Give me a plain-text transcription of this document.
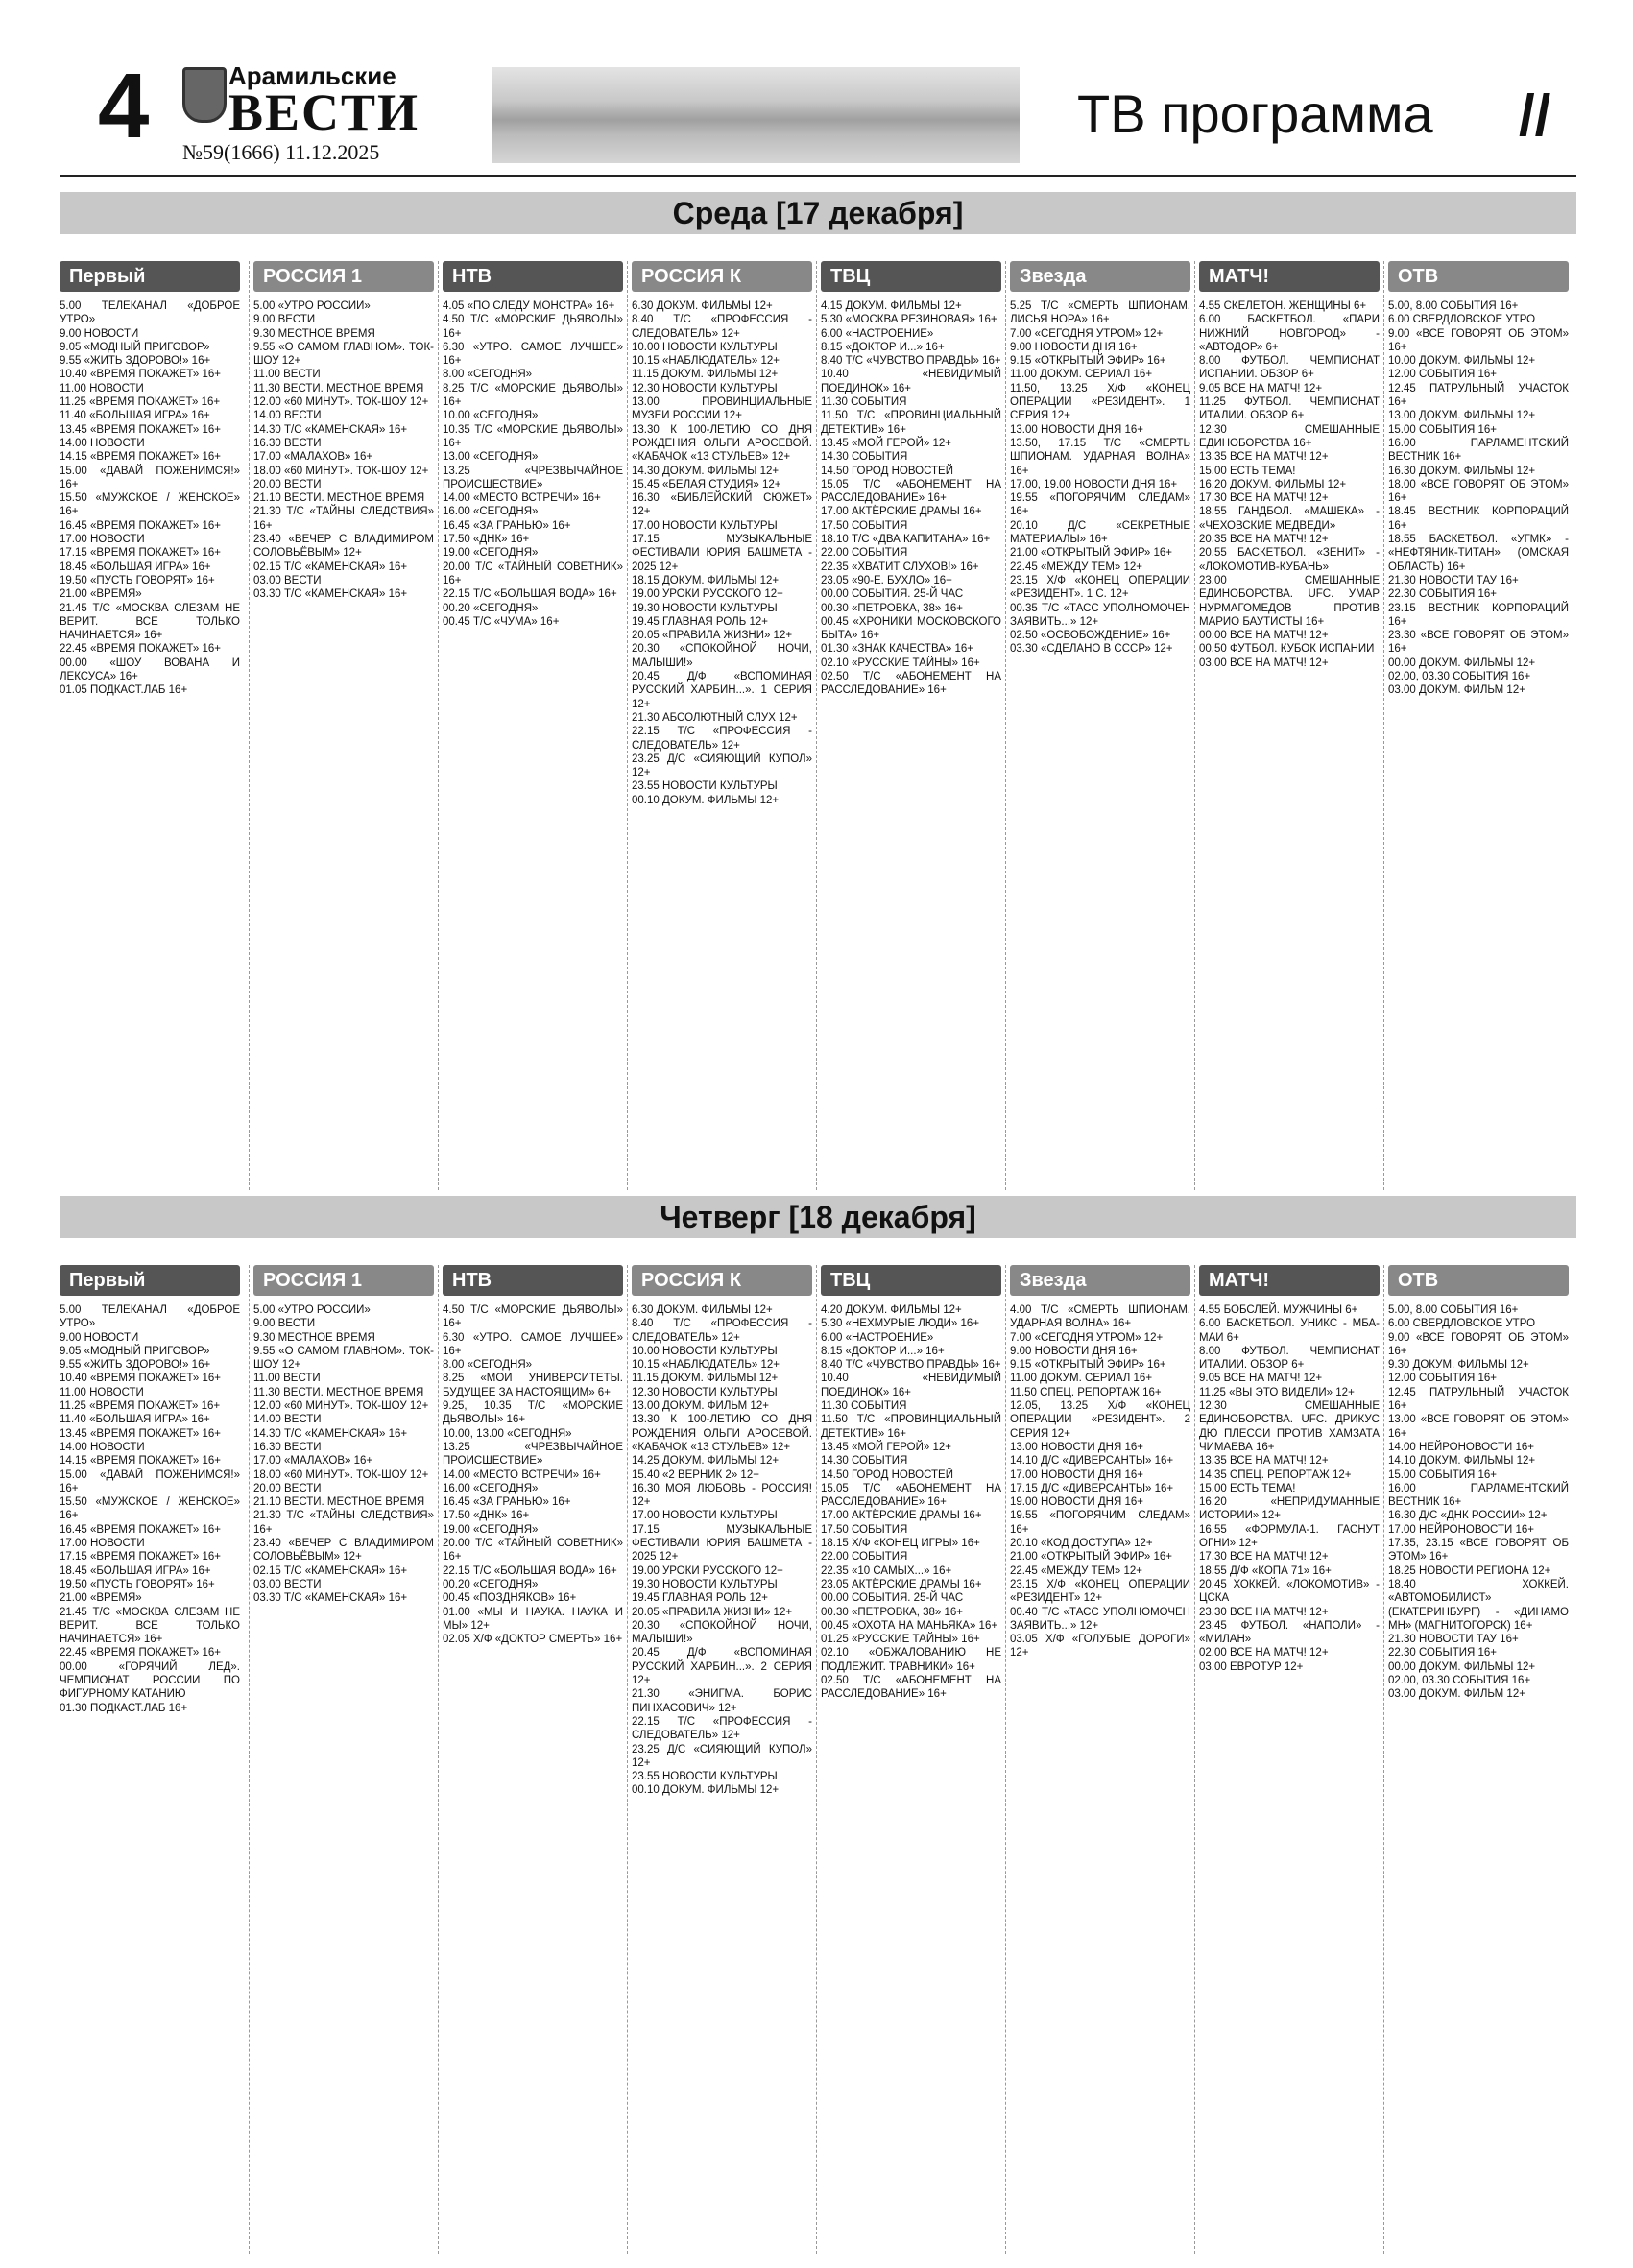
4	Арамильские
ВЕСТИ
№59(1666) 11.12.2025
ТВ программа //
Среда [17 декабря]
Первый
5.00 ТЕЛЕКАНАЛ «ДОБРОЕ УТРО»
9.00 НОВОСТИ
9.05 «МОДНЫЙ ПРИГОВОР»
9.55 «ЖИТЬ ЗДОРОВО!» 16+
10.40 «ВРЕМЯ ПОКАЖЕТ» 16+
11.00 НОВОСТИ
11.25 «ВРЕМЯ ПОКАЖЕТ» 16+
11.40 «БОЛЬШАЯ ИГРА» 16+
13.45 «ВРЕМЯ ПОКАЖЕТ» 16+
14.00 НОВОСТИ
14.15 «ВРЕМЯ ПОКАЖЕТ» 16+
15.00 «ДАВАЙ ПОЖЕНИМСЯ!» 16+
15.50 «МУЖСКОЕ / ЖЕНСКОЕ» 16+
16.45 «ВРЕМЯ ПОКАЖЕТ» 16+
17.00 НОВОСТИ
17.15 «ВРЕМЯ ПОКАЖЕТ» 16+
18.45 «БОЛЬШАЯ ИГРА» 16+
19.50 «ПУСТЬ ГОВОРЯТ» 16+
21.00 «ВРЕМЯ»
21.45 Т/С «МОСКВА СЛЕЗАМ НЕ ВЕРИТ. ВСЕ ТОЛЬКО НАЧИНАЕТСЯ» 16+
22.45 «ВРЕМЯ ПОКАЖЕТ» 16+
00.00 «ШОУ ВОВАНА И ЛЕКСУСА» 16+
01.05 ПОДКАСТ.ЛАБ 16+
РОССИЯ 1
5.00 «УТРО РОССИИ»
9.00 ВЕСТИ
9.30 МЕСТНОЕ ВРЕМЯ
9.55 «О САМОМ ГЛАВНОМ». ТОК-ШОУ 12+
11.00 ВЕСТИ
11.30 ВЕСТИ. МЕСТНОЕ ВРЕМЯ
12.00 «60 МИНУТ». ТОК-ШОУ 12+
14.00 ВЕСТИ
14.30 Т/С «КАМЕНСКАЯ» 16+
16.30 ВЕСТИ
17.00 «МАЛАХОВ» 16+
18.00 «60 МИНУТ». ТОК-ШОУ 12+
20.00 ВЕСТИ
21.10 ВЕСТИ. МЕСТНОЕ ВРЕМЯ
21.30 Т/С «ТАЙНЫ СЛЕДСТВИЯ» 16+
23.40 «ВЕЧЕР С ВЛАДИМИРОМ СОЛОВЬЁВЫМ» 12+
02.15 Т/С «КАМЕНСКАЯ» 16+
03.00 ВЕСТИ
03.30 Т/С «КАМЕНСКАЯ» 16+
НТВ
4.05 «ПО СЛЕДУ МОНСТРА» 16+
4.50 Т/С «МОРСКИЕ ДЬЯВОЛЫ» 16+
6.30 «УТРО. САМОЕ ЛУЧШЕЕ» 16+
8.00 «СЕГОДНЯ»
8.25 Т/С «МОРСКИЕ ДЬЯВОЛЫ» 16+
10.00 «СЕГОДНЯ»
10.35 Т/С «МОРСКИЕ ДЬЯВОЛЫ» 16+
13.00 «СЕГОДНЯ»
13.25 «ЧРЕЗВЫЧАЙНОЕ ПРОИСШЕСТВИЕ»
14.00 «МЕСТО ВСТРЕЧИ» 16+
16.00 «СЕГОДНЯ»
16.45 «ЗА ГРАНЬЮ» 16+
17.50 «ДНК» 16+
19.00 «СЕГОДНЯ»
20.00 Т/С «ТАЙНЫЙ СОВЕТНИК» 16+
22.15 Т/С «БОЛЬШАЯ ВОДА» 16+
00.20 «СЕГОДНЯ»
00.45 Т/С «ЧУМА» 16+
РОССИЯ К
6.30 ДОКУМ. ФИЛЬМЫ 12+
8.40 Т/С «ПРОФЕССИЯ - СЛЕДОВАТЕЛЬ» 12+
10.00 НОВОСТИ КУЛЬТУРЫ
10.15 «НАБЛЮДАТЕЛЬ» 12+
11.15 ДОКУМ. ФИЛЬМЫ 12+
12.30 НОВОСТИ КУЛЬТУРЫ
13.00 ПРОВИНЦИАЛЬНЫЕ МУЗЕИ РОССИИ 12+
13.30 К 100-ЛЕТИЮ СО ДНЯ РОЖДЕНИЯ ОЛЬГИ АРОСЕВОЙ. «КАБАЧОК «13 СТУЛЬЕВ» 12+
14.30 ДОКУМ. ФИЛЬМЫ 12+
15.45 «БЕЛАЯ СТУДИЯ» 12+
16.30 «БИБЛЕЙСКИЙ СЮЖЕТ» 12+
17.00 НОВОСТИ КУЛЬТУРЫ
17.15 МУЗЫКАЛЬНЫЕ ФЕСТИВАЛИ ЮРИЯ БАШМЕТА - 2025 12+
18.15 ДОКУМ. ФИЛЬМЫ 12+
19.00 УРОКИ РУССКОГО 12+
19.30 НОВОСТИ КУЛЬТУРЫ
19.45 ГЛАВНАЯ РОЛЬ 12+
20.05 «ПРАВИЛА ЖИЗНИ» 12+
20.30 «СПОКОЙНОЙ НОЧИ, МАЛЫШИ!»
20.45 Д/Ф «ВСПОМИНАЯ РУССКИЙ ХАРБИН...». 1 СЕРИЯ 12+
21.30 АБСОЛЮТНЫЙ СЛУХ 12+
22.15 Т/С «ПРОФЕССИЯ - СЛЕДОВАТЕЛЬ» 12+
23.25 Д/С «СИЯЮЩИЙ КУПОЛ» 12+
23.55 НОВОСТИ КУЛЬТУРЫ
00.10 ДОКУМ. ФИЛЬМЫ 12+
ТВЦ
4.15 ДОКУМ. ФИЛЬМЫ 12+
5.30 «МОСКВА РЕЗИНОВАЯ» 16+
6.00 «НАСТРОЕНИЕ»
8.15 «ДОКТОР И...» 16+
8.40 Т/С «ЧУВСТВО ПРАВДЫ» 16+
10.40 «НЕВИДИМЫЙ ПОЕДИНОК» 16+
11.30 СОБЫТИЯ
11.50 Т/С «ПРОВИНЦИАЛЬНЫЙ ДЕТЕКТИВ» 16+
13.45 «МОЙ ГЕРОЙ» 12+
14.30 СОБЫТИЯ
14.50 ГОРОД НОВОСТЕЙ
15.05 Т/С «АБОНЕМЕНТ НА РАССЛЕДОВАНИЕ» 16+
17.00 АКТЁРСКИЕ ДРАМЫ 16+
17.50 СОБЫТИЯ
18.10 Т/С «ДВА КАПИТАНА» 16+
22.00 СОБЫТИЯ
22.35 «ХВАТИТ СЛУХОВ!» 16+
23.05 «90-Е. БУХЛО» 16+
00.00 СОБЫТИЯ. 25-Й ЧАС
00.30 «ПЕТРОВКА, 38» 16+
00.45 «ХРОНИКИ МОСКОВСКОГО БЫТА» 16+
01.30 «ЗНАК КАЧЕСТВА» 16+
02.10 «РУССКИЕ ТАЙНЫ» 16+
02.50 Т/С «АБОНЕМЕНТ НА РАССЛЕДОВАНИЕ» 16+
Звезда
5.25 Т/С «СМЕРТЬ ШПИОНАМ. ЛИСЬЯ НОРА» 16+
7.00 «СЕГОДНЯ УТРОМ» 12+
9.00 НОВОСТИ ДНЯ 16+
9.15 «ОТКРЫТЫЙ ЭФИР» 16+
11.00 ДОКУМ. СЕРИАЛ 16+
11.50, 13.25 Х/Ф «КОНЕЦ ОПЕРАЦИИ «РЕЗИДЕНТ». 1 СЕРИЯ 12+
13.00 НОВОСТИ ДНЯ 16+
13.50, 17.15 Т/С «СМЕРТЬ ШПИОНАМ. УДАРНАЯ ВОЛНА» 16+
17.00, 19.00 НОВОСТИ ДНЯ 16+
19.55 «ПОГОРЯЧИМ СЛЕДАМ» 16+
20.10 Д/С «СЕКРЕТНЫЕ МАТЕРИАЛЫ» 16+
21.00 «ОТКРЫТЫЙ ЭФИР» 16+
22.45 «МЕЖДУ ТЕМ» 12+
23.15 Х/Ф «КОНЕЦ ОПЕРАЦИИ «РЕЗИДЕНТ». 1 С. 12+
00.35 Т/С «ТАСС УПОЛНОМОЧЕН ЗАЯВИТЬ...» 12+
02.50 «ОСВОБОЖДЕНИЕ» 16+
03.30 «СДЕЛАНО В СССР» 12+
МАТЧ!
4.55 СКЕЛЕТОН. ЖЕНЩИНЫ 6+
6.00 БАСКЕТБОЛ. «ПАРИ НИЖНИЙ НОВГОРОД» - «АВТОДОР» 6+
8.00 ФУТБОЛ. ЧЕМПИОНАТ ИСПАНИИ. ОБЗОР 6+
9.05 ВСЕ НА МАТЧ! 12+
11.25 ФУТБОЛ. ЧЕМПИОНАТ ИТАЛИИ. ОБЗОР 6+
12.30 СМЕШАННЫЕ ЕДИНОБОРСТВА 16+
13.35 ВСЕ НА МАТЧ! 12+
15.00 ЕСТЬ ТЕМА!
16.20 ДОКУМ. ФИЛЬМЫ 12+
17.30 ВСЕ НА МАТЧ! 12+
18.55 ГАНДБОЛ. «МАШЕКА» - «ЧЕХОВСКИЕ МЕДВЕДИ»
20.35 ВСЕ НА МАТЧ! 12+
20.55 БАСКЕТБОЛ. «ЗЕНИТ» - «ЛОКОМОТИВ-КУБАНЬ»
23.00 СМЕШАННЫЕ ЕДИНОБОРСТВА. UFC. УМАР НУРМАГОМЕДОВ ПРОТИВ МАРИО БАУТИСТЫ 16+
00.00 ВСЕ НА МАТЧ! 12+
00.50 ФУТБОЛ. КУБОК ИСПАНИИ
03.00 ВСЕ НА МАТЧ! 12+
ОТВ
5.00, 8.00 СОБЫТИЯ 16+
6.00 СВЕРДЛОВСКОЕ УТРО
9.00 «ВСЕ ГОВОРЯТ ОБ ЭТОМ» 16+
10.00 ДОКУМ. ФИЛЬМЫ 12+
12.00 СОБЫТИЯ 16+
12.45 ПАТРУЛЬНЫЙ УЧАСТОК 16+
13.00 ДОКУМ. ФИЛЬМЫ 12+
15.00 СОБЫТИЯ 16+
16.00 ПАРЛАМЕНТСКИЙ ВЕСТНИК 16+
16.30 ДОКУМ. ФИЛЬМЫ 12+
18.00 «ВСЕ ГОВОРЯТ ОБ ЭТОМ» 16+
18.45 ВЕСТНИК КОРПОРАЦИЙ 16+
18.55 БАСКЕТБОЛ. «УГМК» - «НЕФТЯНИК-ТИТАН» (ОМСКАЯ ОБЛАСТЬ) 16+
21.30 НОВОСТИ ТАУ 16+
22.30 СОБЫТИЯ 16+
23.15 ВЕСТНИК КОРПОРАЦИЙ 16+
23.30 «ВСЕ ГОВОРЯТ ОБ ЭТОМ» 16+
00.00 ДОКУМ. ФИЛЬМЫ 12+
02.00, 03.30 СОБЫТИЯ 16+
03.00 ДОКУМ. ФИЛЬМ 12+
Четверг [18 декабря]
Первый
5.00 ТЕЛЕКАНАЛ «ДОБРОЕ УТРО»
9.00 НОВОСТИ
9.05 «МОДНЫЙ ПРИГОВОР»
9.55 «ЖИТЬ ЗДОРОВО!» 16+
10.40 «ВРЕМЯ ПОКАЖЕТ» 16+
11.00 НОВОСТИ
11.25 «ВРЕМЯ ПОКАЖЕТ» 16+
11.40 «БОЛЬШАЯ ИГРА» 16+
13.45 «ВРЕМЯ ПОКАЖЕТ» 16+
14.00 НОВОСТИ
14.15 «ВРЕМЯ ПОКАЖЕТ» 16+
15.00 «ДАВАЙ ПОЖЕНИМСЯ!» 16+
15.50 «МУЖСКОЕ / ЖЕНСКОЕ» 16+
16.45 «ВРЕМЯ ПОКАЖЕТ» 16+
17.00 НОВОСТИ
17.15 «ВРЕМЯ ПОКАЖЕТ» 16+
18.45 «БОЛЬШАЯ ИГРА» 16+
19.50 «ПУСТЬ ГОВОРЯТ» 16+
21.00 «ВРЕМЯ»
21.45 Т/С «МОСКВА СЛЕЗАМ НЕ ВЕРИТ. ВСЕ ТОЛЬКО НАЧИНАЕТСЯ» 16+
22.45 «ВРЕМЯ ПОКАЖЕТ» 16+
00.00 «ГОРЯЧИЙ ЛЕД». ЧЕМПИОНАТ РОССИИ ПО ФИГУРНОМУ КАТАНИЮ
01.30 ПОДКАСТ.ЛАБ 16+
РОССИЯ 1
5.00 «УТРО РОССИИ»
9.00 ВЕСТИ
9.30 МЕСТНОЕ ВРЕМЯ
9.55 «О САМОМ ГЛАВНОМ». ТОК-ШОУ 12+
11.00 ВЕСТИ
11.30 ВЕСТИ. МЕСТНОЕ ВРЕМЯ
12.00 «60 МИНУТ». ТОК-ШОУ 12+
14.00 ВЕСТИ
14.30 Т/С «КАМЕНСКАЯ» 16+
16.30 ВЕСТИ
17.00 «МАЛАХОВ» 16+
18.00 «60 МИНУТ». ТОК-ШОУ 12+
20.00 ВЕСТИ
21.10 ВЕСТИ. МЕСТНОЕ ВРЕМЯ
21.30 Т/С «ТАЙНЫ СЛЕДСТВИЯ» 16+
23.40 «ВЕЧЕР С ВЛАДИМИРОМ СОЛОВЬЁВЫМ» 12+
02.15 Т/С «КАМЕНСКАЯ» 16+
03.00 ВЕСТИ
03.30 Т/С «КАМЕНСКАЯ» 16+
НТВ
4.50 Т/С «МОРСКИЕ ДЬЯВОЛЫ» 16+
6.30 «УТРО. САМОЕ ЛУЧШЕЕ» 16+
8.00 «СЕГОДНЯ»
8.25 «МОИ УНИВЕРСИТЕТЫ. БУДУЩЕЕ ЗА НАСТОЯЩИМ» 6+
9.25, 10.35 Т/С «МОРСКИЕ ДЬЯВОЛЫ» 16+
10.00, 13.00 «СЕГОДНЯ»
13.25 «ЧРЕЗВЫЧАЙНОЕ ПРОИСШЕСТВИЕ»
14.00 «МЕСТО ВСТРЕЧИ» 16+
16.00 «СЕГОДНЯ»
16.45 «ЗА ГРАНЬЮ» 16+
17.50 «ДНК» 16+
19.00 «СЕГОДНЯ»
20.00 Т/С «ТАЙНЫЙ СОВЕТНИК» 16+
22.15 Т/С «БОЛЬШАЯ ВОДА» 16+
00.20 «СЕГОДНЯ»
00.45 «ПОЗДНЯКОВ» 16+
01.00 «МЫ И НАУКА. НАУКА И МЫ» 12+
02.05 Х/Ф «ДОКТОР СМЕРТЬ» 16+
РОССИЯ К
6.30 ДОКУМ. ФИЛЬМЫ 12+
8.40 Т/С «ПРОФЕССИЯ - СЛЕДОВАТЕЛЬ» 12+
10.00 НОВОСТИ КУЛЬТУРЫ
10.15 «НАБЛЮДАТЕЛЬ» 12+
11.15 ДОКУМ. ФИЛЬМЫ 12+
12.30 НОВОСТИ КУЛЬТУРЫ
13.00 ДОКУМ. ФИЛЬМ 12+
13.30 К 100-ЛЕТИЮ СО ДНЯ РОЖДЕНИЯ ОЛЬГИ АРОСЕВОЙ. «КАБАЧОК «13 СТУЛЬЕВ» 12+
14.25 ДОКУМ. ФИЛЬМЫ 12+
15.40 «2 ВЕРНИК 2» 12+
16.30 МОЯ ЛЮБОВЬ - РОССИЯ! 12+
17.00 НОВОСТИ КУЛЬТУРЫ
17.15 МУЗЫКАЛЬНЫЕ ФЕСТИВАЛИ ЮРИЯ БАШМЕТА - 2025 12+
19.00 УРОКИ РУССКОГО 12+
19.30 НОВОСТИ КУЛЬТУРЫ
19.45 ГЛАВНАЯ РОЛЬ 12+
20.05 «ПРАВИЛА ЖИЗНИ» 12+
20.30 «СПОКОЙНОЙ НОЧИ, МАЛЫШИ!»
20.45 Д/Ф «ВСПОМИНАЯ РУССКИЙ ХАРБИН...». 2 СЕРИЯ 12+
21.30 «ЭНИГМА. БОРИС ПИНХАСОВИЧ» 12+
22.15 Т/С «ПРОФЕССИЯ - СЛЕДОВАТЕЛЬ» 12+
23.25 Д/С «СИЯЮЩИЙ КУПОЛ» 12+
23.55 НОВОСТИ КУЛЬТУРЫ
00.10 ДОКУМ. ФИЛЬМЫ 12+
ТВЦ
4.20 ДОКУМ. ФИЛЬМЫ 12+
5.30 «НЕХМУРЫЕ ЛЮДИ» 16+
6.00 «НАСТРОЕНИЕ»
8.15 «ДОКТОР И...» 16+
8.40 Т/С «ЧУВСТВО ПРАВДЫ» 16+
10.40 «НЕВИДИМЫЙ ПОЕДИНОК» 16+
11.30 СОБЫТИЯ
11.50 Т/С «ПРОВИНЦИАЛЬНЫЙ ДЕТЕКТИВ» 16+
13.45 «МОЙ ГЕРОЙ» 12+
14.30 СОБЫТИЯ
14.50 ГОРОД НОВОСТЕЙ
15.05 Т/С «АБОНЕМЕНТ НА РАССЛЕДОВАНИЕ» 16+
17.00 АКТЁРСКИЕ ДРАМЫ 16+
17.50 СОБЫТИЯ
18.15 Х/Ф «КОНЕЦ ИГРЫ» 16+
22.00 СОБЫТИЯ
22.35 «10 САМЫХ...» 16+
23.05 АКТЁРСКИЕ ДРАМЫ 16+
00.00 СОБЫТИЯ. 25-Й ЧАС
00.30 «ПЕТРОВКА, 38» 16+
00.45 «ОХОТА НА МАНЬЯКА» 16+
01.25 «РУССКИЕ ТАЙНЫ» 16+
02.10 «ОБЖАЛОВАНИЮ НЕ ПОДЛЕЖИТ. ТРАВНИКИ» 16+
02.50 Т/С «АБОНЕМЕНТ НА РАССЛЕДОВАНИЕ» 16+
Звезда
4.00 Т/С «СМЕРТЬ ШПИОНАМ. УДАРНАЯ ВОЛНА» 16+
7.00 «СЕГОДНЯ УТРОМ» 12+
9.00 НОВОСТИ ДНЯ 16+
9.15 «ОТКРЫТЫЙ ЭФИР» 16+
11.00 ДОКУМ. СЕРИАЛ 16+
11.50 СПЕЦ. РЕПОРТАЖ 16+
12.05, 13.25 Х/Ф «КОНЕЦ ОПЕРАЦИИ «РЕЗИДЕНТ». 2 СЕРИЯ 12+
13.00 НОВОСТИ ДНЯ 16+
14.10 Д/С «ДИВЕРСАНТЫ» 16+
17.00 НОВОСТИ ДНЯ 16+
17.15 Д/С «ДИВЕРСАНТЫ» 16+
19.00 НОВОСТИ ДНЯ 16+
19.55 «ПОГОРЯЧИМ СЛЕДАМ» 16+
20.10 «КОД ДОСТУПА» 12+
21.00 «ОТКРЫТЫЙ ЭФИР» 16+
22.45 «МЕЖДУ ТЕМ» 12+
23.15 Х/Ф «КОНЕЦ ОПЕРАЦИИ «РЕЗИДЕНТ» 12+
00.40 Т/С «ТАСС УПОЛНОМОЧЕН ЗАЯВИТЬ...» 12+
03.05 Х/Ф «ГОЛУБЫЕ ДОРОГИ» 12+
МАТЧ!
4.55 БОБСЛЕЙ. МУЖЧИНЫ 6+
6.00 БАСКЕТБОЛ. УНИКС - МБА-МАИ 6+
8.00 ФУТБОЛ. ЧЕМПИОНАТ ИТАЛИИ. ОБЗОР 6+
9.05 ВСЕ НА МАТЧ! 12+
11.25 «ВЫ ЭТО ВИДЕЛИ» 12+
12.30 СМЕШАННЫЕ ЕДИНОБОРСТВА. UFC. ДРИКУС ДЮ ПЛЕССИ ПРОТИВ ХАМЗАТА ЧИМАЕВА 16+
13.35 ВСЕ НА МАТЧ! 12+
14.35 СПЕЦ. РЕПОРТАЖ 12+
15.00 ЕСТЬ ТЕМА!
16.20 «НЕПРИДУМАННЫЕ ИСТОРИИ» 12+
16.55 «ФОРМУЛА-1. ГАСНУТ ОГНИ» 12+
17.30 ВСЕ НА МАТЧ! 12+
18.55 Д/Ф «КОПА 71» 16+
20.45 ХОККЕЙ. «ЛОКОМОТИВ» - ЦСКА
23.30 ВСЕ НА МАТЧ! 12+
23.45 ФУТБОЛ. «НАПОЛИ» - «МИЛАН»
02.00 ВСЕ НА МАТЧ! 12+
03.00 ЕВРОТУР 12+
ОТВ
5.00, 8.00 СОБЫТИЯ 16+
6.00 СВЕРДЛОВСКОЕ УТРО
9.00 «ВСЕ ГОВОРЯТ ОБ ЭТОМ» 16+
9.30 ДОКУМ. ФИЛЬМЫ 12+
12.00 СОБЫТИЯ 16+
12.45 ПАТРУЛЬНЫЙ УЧАСТОК 16+
13.00 «ВСЕ ГОВОРЯТ ОБ ЭТОМ» 16+
14.00 НЕЙРОНОВОСТИ 16+
14.10 ДОКУМ. ФИЛЬМЫ 12+
15.00 СОБЫТИЯ 16+
16.00 ПАРЛАМЕНТСКИЙ ВЕСТНИК 16+
16.30 Д/С «ДНК РОССИИ» 12+
17.00 НЕЙРОНОВОСТИ 16+
17.35, 23.15 «ВСЕ ГОВОРЯТ ОБ ЭТОМ» 16+
18.25 НОВОСТИ РЕГИОНА 12+
18.40 ХОККЕЙ. «АВТОМОБИЛИСТ» (ЕКАТЕРИНБУРГ) - «ДИНАМО МН» (МАГНИТОГОРСК) 16+
21.30 НОВОСТИ ТАУ 16+
22.30 СОБЫТИЯ 16+
00.00 ДОКУМ. ФИЛЬМЫ 12+
02.00, 03.30 СОБЫТИЯ 16+
03.00 ДОКУМ. ФИЛЬМ 12+
